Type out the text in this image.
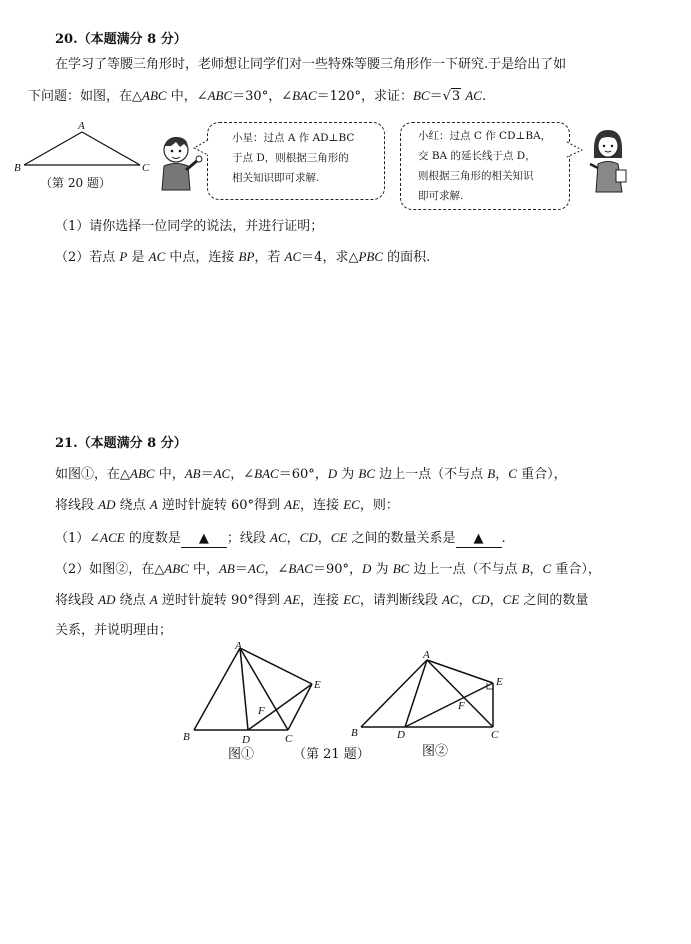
20.（本题满分 8 分）
在学习了等腰三角形时，老师想让同学们对一些特殊等腰三角形作一下研究.于是给出了如
下问题：如图，在△ABC 中，∠ABC＝30°，∠BAC＝120°，求证：BC＝√3 AC.
A
B	C
（第 20 题）
小星：过点 A 作 AD⊥BC
于点 D，则根据三角形的
相关知识即可求解.
小红：过点 C 作 CD⊥BA，
交 BA 的延长线于点 D，
则根据三角形的相关知识
即可求解.
（1）请你选择一位同学的说法，并进行证明；
（2）若点 P 是 AC 中点，连接 BP，若 AC＝4，求△PBC 的面积.
21.（本题满分 8 分）
如图①，在△ABC 中，AB＝AC，∠BAC＝60°，D 为 BC 边上一点（不与点 B，C 重合），
将线段 AD 绕点 A 逆时针旋转 60°得到 AE，连接 EC，则：
（1）∠ACE 的度数是 ▲ ；线段 AC，CD，CE 之间的数量关系是 ▲ .
（2）如图②，在△ABC 中，AB＝AC，∠BAC＝90°，D 为 BC 边上一点（不与点 B，C 重合），
将线段 AD 绕点 A 逆时针旋转 90°得到 AE，连接 EC，请判断线段 AC，CD，CE 之间的数量
关系，并说明理由；
A
B	C
D
E
F
A
B	C
D
E
F
图①	（第 21 题）	图②
